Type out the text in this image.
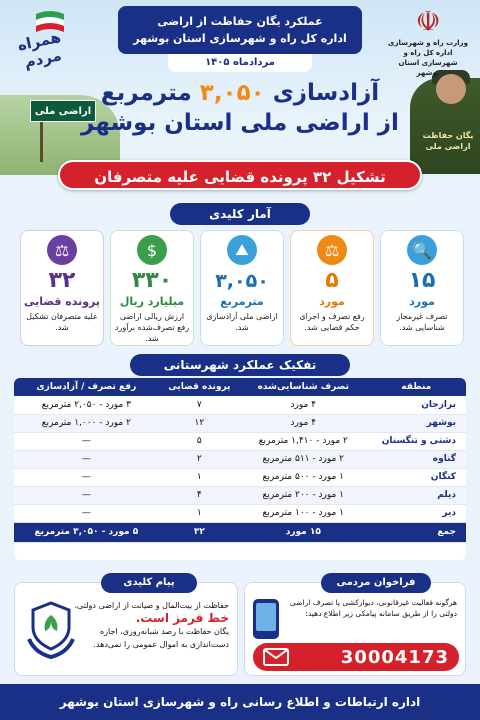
اراضی ملی
یگان حفاظت اراضی ملی
عملکرد یگان حفاظت از اراضی
اداره کل راه و شهرسازی استان بوشهر
مردادماه ۱۴۰۵
☫
وزارت راه و شهرسازی
اداره کل راه و شهرسازی استان بوشهر
همراه مردم
آزادسازی ۳,۰۵۰ مترمربع
از اراضی ملی استان بوشهر
تشکیل ۳۲ پرونده قضایی علیه متصرفان
آمار کلیدی
🔍
۱۵
مورد
تصرف غیرمجاز شناسایی شد.
⚖
۵
مورد
رفع تصرف و اجرای حکم قضایی شد.
⛰
۳,۰۵۰
مترمربع
اراضی ملی آزادسازی شد.
$
۳۳۰
میلیارد ریال
ارزش ریالی اراضی رفع تصرف‌شده برآورد شد.
⚖
۳۲
پرونده قضایی
علیه متصرفان تشکیل شد.
تفکیک عملکرد شهرستانی
منطقه	تصرف شناسایی‌شده	پرونده قضایی	رفع تصرف / آزادسازی
برازجان	۴ مورد	۷	۳ مورد - ۲,۰۵۰ مترمربع
بوشهر	۴ مورد	۱۲	۲ مورد - ۱,۰۰۰ مترمربع
دشتی و تنگستان	۲ مورد - ۱,۴۱۰ مترمربع	۵	—
گناوه	۲ مورد - ۵۱۱ مترمربع	۲	—
کنگان	۱ مورد - ۵۰۰ مترمربع	۱	—
دیلم	۱ مورد - ۲۰۰ مترمربع	۴	—
دیر	۱ مورد - ۱۰۰ مترمربع	۱	—
جمع	۱۵ مورد	۳۲	۵ مورد - ۳,۰۵۰ مترمربع
پیام کلیدی
حفاظت از بیت‌المال و صیانت از اراضی دولتی،
خط قرمز است.
یگان حفاظت با رصد شبانه‌روزی، اجازه دست‌اندازی به اموال عمومی را نمی‌دهد.
فراخوان مردمی
هرگونه فعالیت غیرقانونی، دیوارکشی یا تصرف اراضی دولتی را از طریق سامانه پیامکی زیر اطلاع دهید:
30004173
اداره ارتباطات و اطلاع رسانی راه و شهرسازی استان بوشهر
